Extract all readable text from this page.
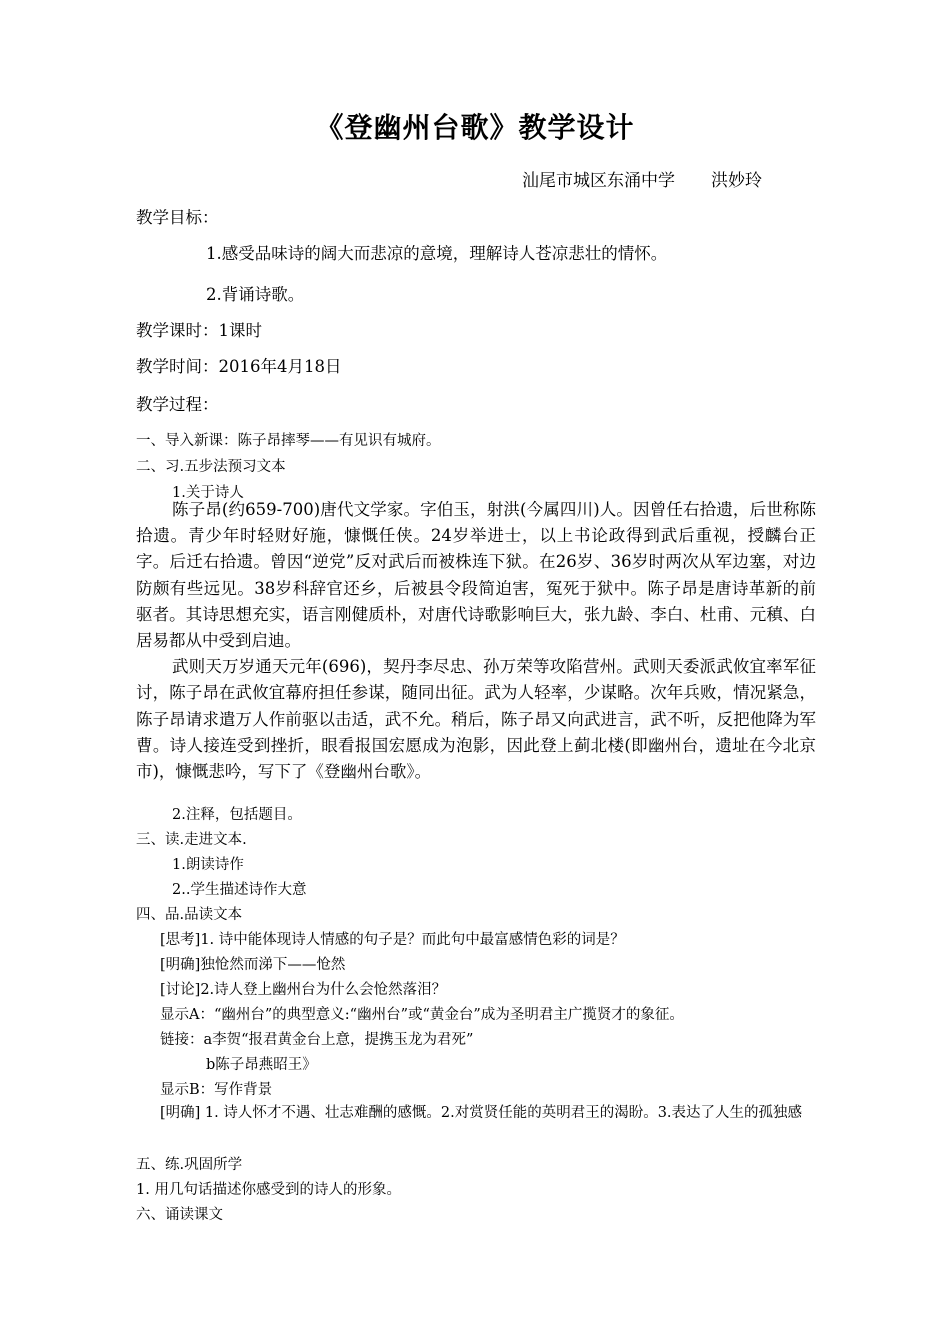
《登幽州台歌》教学设计
汕尾市城区东涌中学 洪妙玲
教学目标：
1.感受品味诗的阔大而悲凉的意境，理解诗人苍凉悲壮的情怀。
2.背诵诗歌。
教学课时：1课时
教学时间：2016年4月18日
教学过程：
一、导入新课：陈子昂摔琴——有见识有城府。
二、习.五步法预习文本
1.关于诗人

陈子昂(约659-700)唐代文学家。字伯玉，射洪(今属四川)人。因曾任右拾遗，后世称陈拾遗。青少年时轻财好施，慷慨任侠。24岁举进士，以上书论政得到武后重视，授麟台正字。后迁右拾遗。曾因“逆党”反对武后而被株连下狱。在26岁、36岁时两次从军边塞，对边防颇有些远见。38岁科辞官还乡，后被县令段简迫害，冤死于狱中。陈子昂是唐诗革新的前驱者。其诗思想充实，语言刚健质朴，对唐代诗歌影响巨大，张九龄、李白、杜甫、元稹、白居易都从中受到启迪。

武则天万岁通天元年(696)，契丹李尽忠、孙万荣等攻陷营州。武则天委派武攸宜率军征讨，陈子昂在武攸宜幕府担任参谋，随同出征。武为人轻率，少谋略。次年兵败，情况紧急，陈子昂请求遣万人作前驱以击适，武不允。稍后，陈子昂又向武进言，武不听，反把他降为军曹。诗人接连受到挫折，眼看报国宏愿成为泡影，因此登上蓟北楼(即幽州台，遗址在今北京市)，慷慨悲吟，写下了《登幽州台歌》。

2.注释，包括题目。
三、读.走进文本.
1.朗读诗作
2..学生描述诗作大意
四、品.品读文本
[思考]1. 诗中能体现诗人情感的句子是？而此句中最富感情色彩的词是？
[明确]独怆然而涕下——怆然
[讨论]2.诗人登上幽州台为什么会怆然落泪？
显示A：“幽州台”的典型意义:“幽州台”或“黄金台”成为圣明君主广揽贤才的象征。
链接：a李贺“报君黄金台上意，提携玉龙为君死”
b陈子昂燕昭王》
显示B：写作背景
[明确] 1. 诗人怀才不遇、壮志难酬的感慨。2.对赏贤任能的英明君王的渴盼。3.表达了人生的孤独感
五、练.巩固所学
1. 用几句话描述你感受到的诗人的形象。
六、诵读课文
